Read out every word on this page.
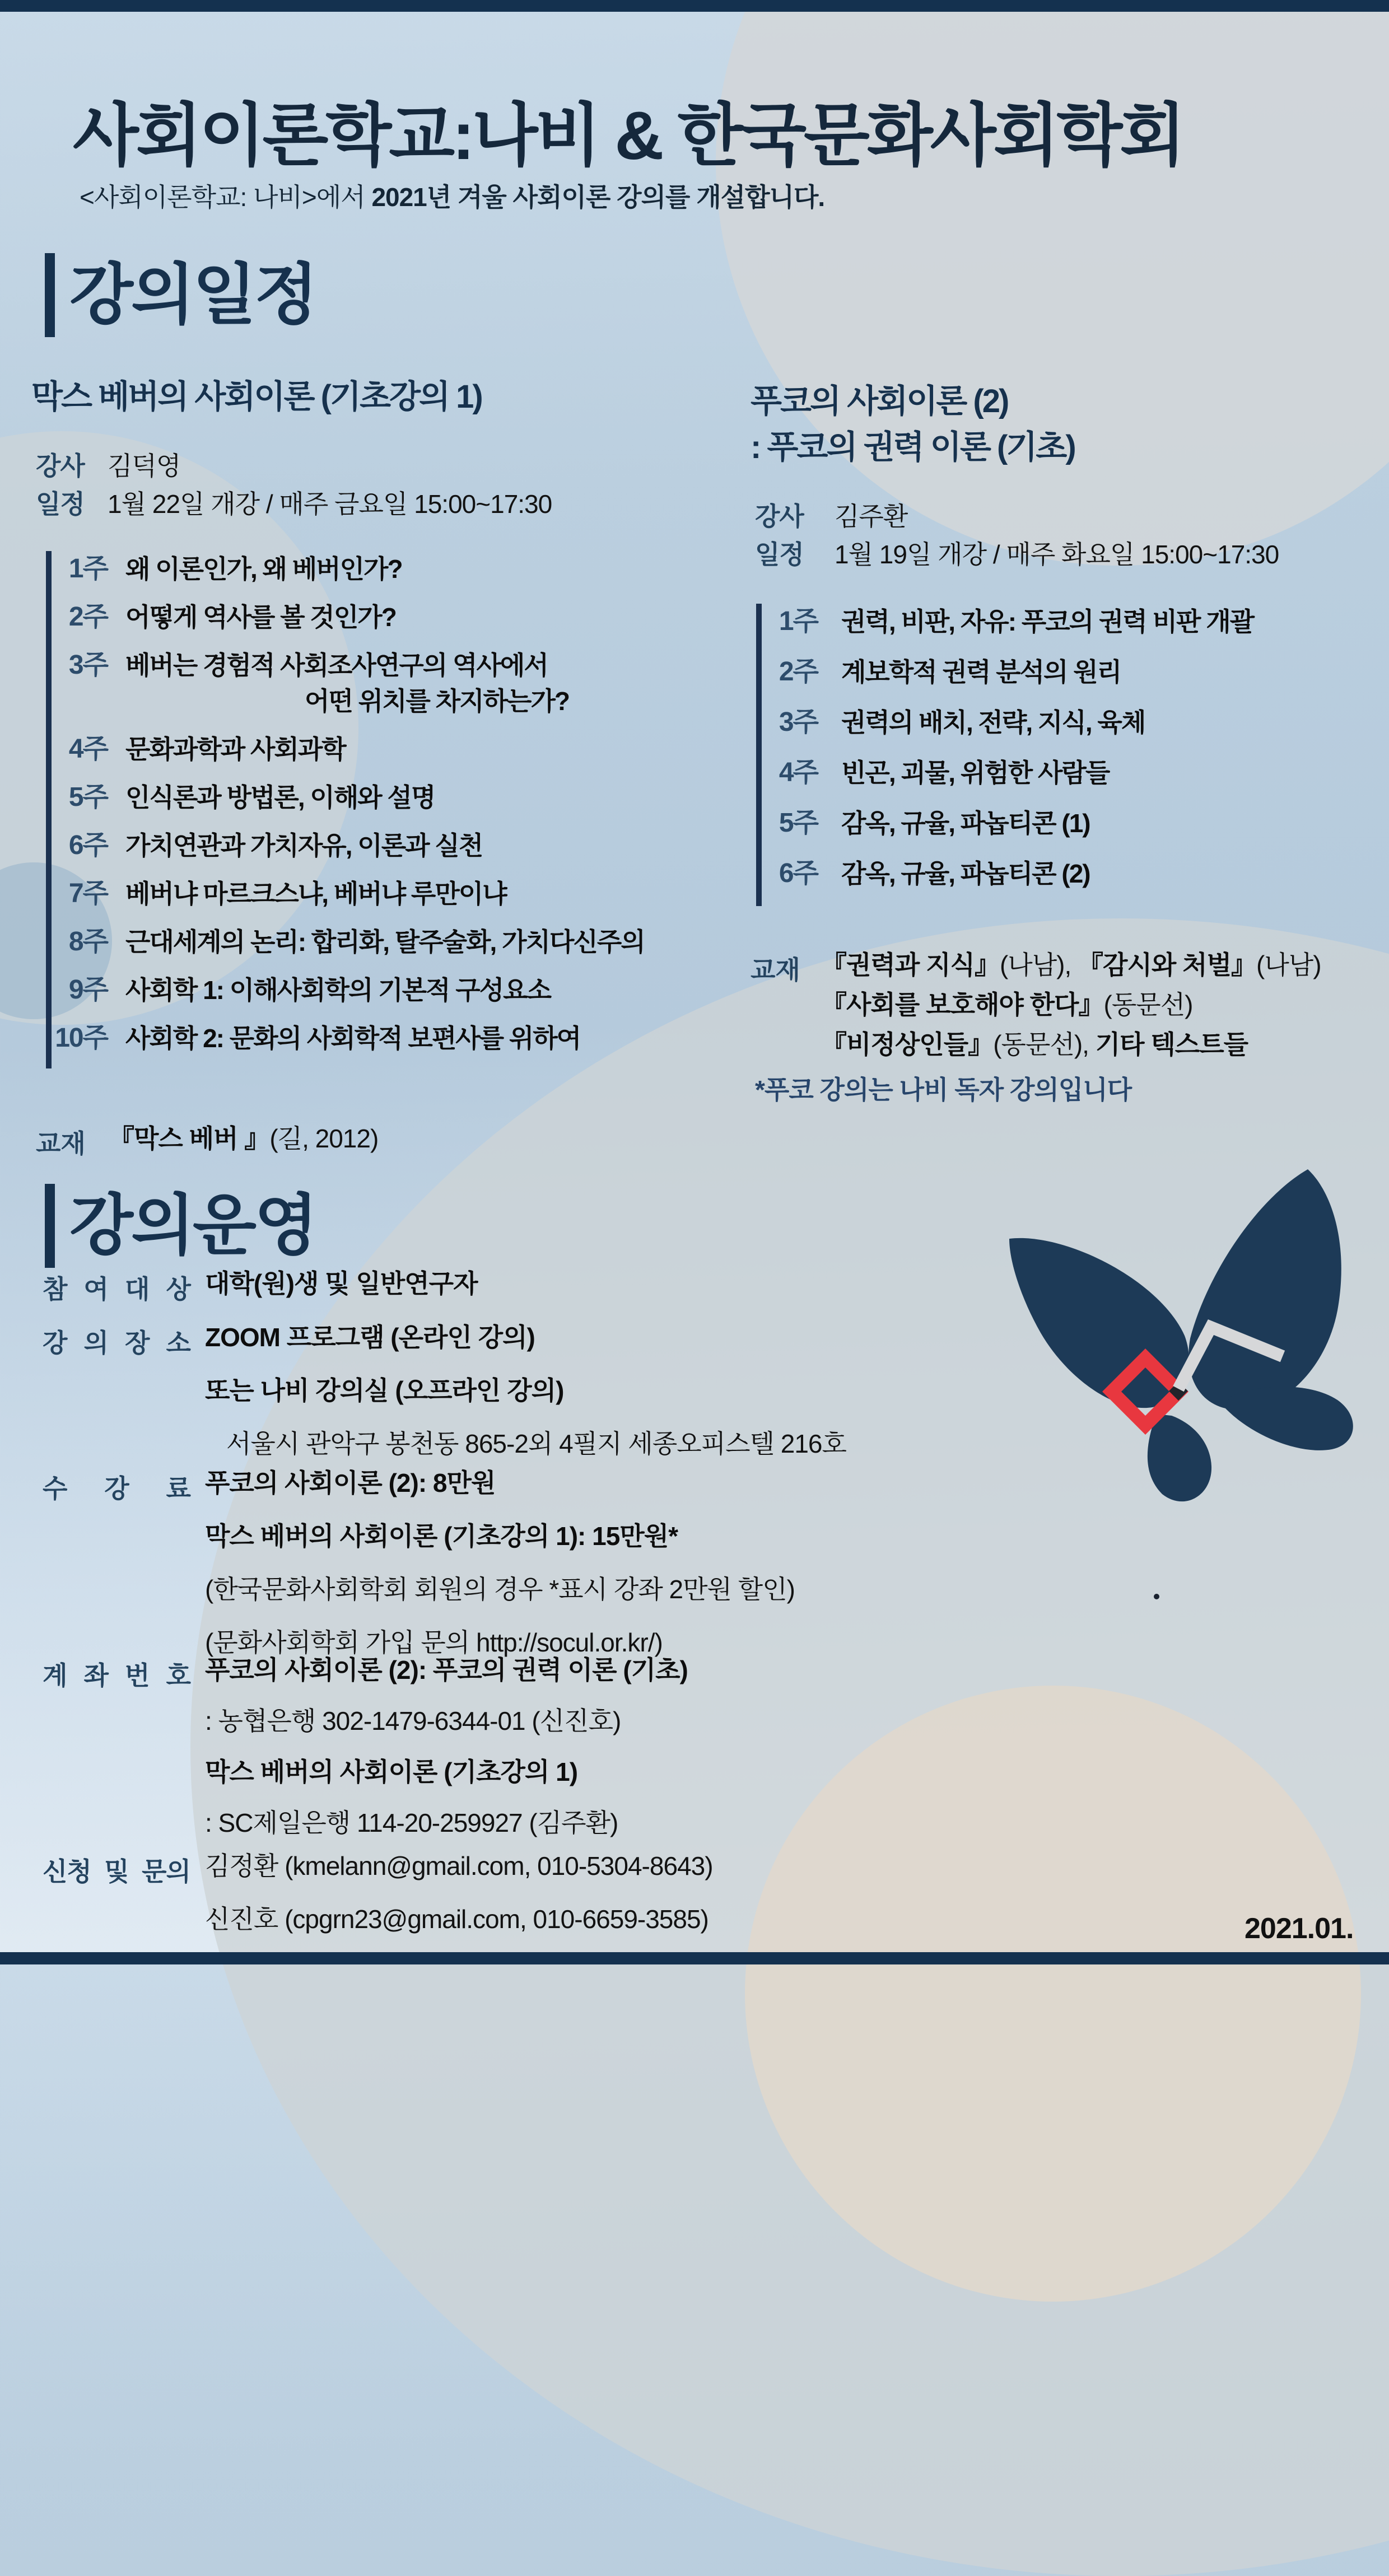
사회이론학교:나비 & 한국문화사회학회
<사회이론학교: 나비>에서 2021년 겨울 사회이론 강의를 개설합니다.
강의일정
막스 베버의 사회이론 (기초강의 1)
강사 김덕영
일정 1월 22일 개강 / 매주 금요일 15:00~17:30
1주 왜 이론인가, 왜 베버인가?
2주 어떻게 역사를 볼 것인가?
3주 베버는 경험적 사회조사연구의 역사에서
어떤 위치를 차지하는가?
4주 문화과학과 사회과학
5주 인식론과 방법론, 이해와 설명
6주 가치연관과 가치자유, 이론과 실천
7주 베버냐 마르크스냐, 베버냐 루만이냐
8주 근대세계의 논리: 합리화, 탈주술화, 가치다신주의
9주 사회학 1: 이해사회학의 기본적 구성요소
10주 사회학 2: 문화의 사회학적 보편사를 위하여
교재 『막스 베버 』(길, 2012)
푸코의 사회이론 (2)
: 푸코의 권력 이론 (기초)
강사	김주환
일정	1월 19일 개강 / 매주 화요일 15:00~17:30
1주 권력, 비판, 자유: 푸코의 권력 비판 개괄
2주 계보학적 권력 분석의 원리
3주 권력의 배치, 전략, 지식, 육체
4주 빈곤, 괴물, 위험한 사람들
5주 감옥, 규율, 파놉티콘 (1)
6주 감옥, 규율, 파놉티콘 (2)
교재 『권력과 지식』(나남), 『감시와 처벌』(나남)
『사회를 보호해야 한다』(동문선)
『비정상인들』(동문선), 기타 텍스트들
*푸코 강의는 나비 독자 강의입니다
강의운영
참 여 대 상 대학(원)생 및 일반연구자
강 의 장 소 ZOOM 프로그램 (온라인 강의)
또는 나비 강의실 (오프라인 강의)
서울시 관악구 봉천동 865-2외 4필지 세종오피스텔 216호
수 강 료 푸코의 사회이론 (2): 8만원
막스 베버의 사회이론 (기초강의 1): 15만원*
(한국문화사회학회 회원의 경우 *표시 강좌 2만원 할인)
(문화사회학회 가입 문의 http://socul.or.kr/)
계 좌 번 호 푸코의 사회이론 (2): 푸코의 권력 이론 (기초)
: 농협은행 302-1479-6344-01 (신진호)
막스 베버의 사회이론 (기초강의 1)
: SC제일은행 114-20-259927 (김주환)
신청 및 문의 김정환 (kmelann@gmail.com, 010-5304-8643)
신진호 (cpgrn23@gmail.com, 010-6659-3585)	2021.01.
